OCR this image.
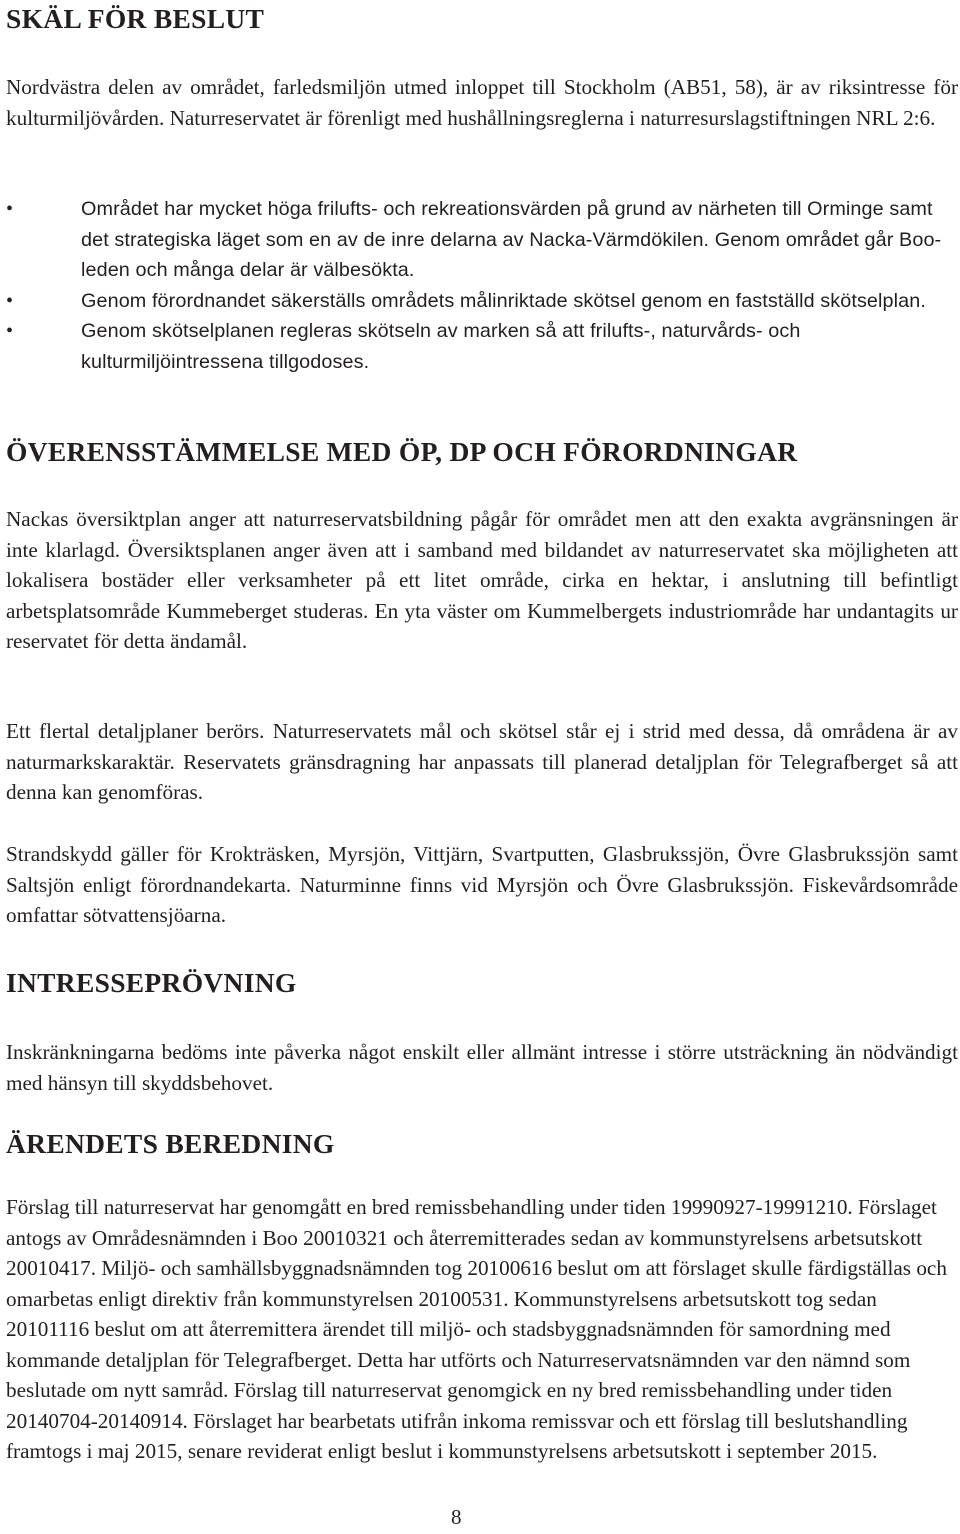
SKÄL FÖR BESLUT

Nordvästra delen av området, farledsmiljön utmed inloppet till Stockholm (AB51, 58), är av riksintresse för kulturmiljövården. Naturreservatet är förenligt med hushållningsreglerna i naturresurslagstiftningen NRL 2:6.

•	Området har mycket höga frilufts- och rekreationsvärden på grund av närheten till Orminge samt det strategiska läget som en av de inre delarna av Nacka-Värmdökilen. Genom området går Boo-leden och många delar är välbesökta.
•	Genom förordnandet säkerställs områdets målinriktade skötsel genom en fastställd skötselplan.
•	Genom skötselplanen regleras skötseln av marken så att frilufts-, naturvårds- och kulturmiljöintressena tillgodoses.
ÖVERENSSTÄMMELSE MED ÖP, DP OCH FÖRORDNINGAR

Nackas översiktplan anger att naturreservatsbildning pågår för området men att den exakta avgränsningen är inte klarlagd. Översiktsplanen anger även att i samband med bildandet av naturreservatet ska möjligheten att lokalisera bostäder eller verksamheter på ett litet område, cirka en hektar, i anslutning till befintligt arbetsplatsområde Kummeberget studeras. En yta väster om Kummelbergets industriområde har undantagits ur reservatet för detta ändamål.

Ett flertal detaljplaner berörs. Naturreservatets mål och skötsel står ej i strid med dessa, då områdena är av naturmarkskaraktär. Reservatets gränsdragning har anpassats till planerad detaljplan för Telegrafberget så att denna kan genomföras.

Strandskydd gäller för Krokträsken, Myrsjön, Vittjärn, Svartputten, Glasbrukssjön, Övre Glasbrukssjön samt Saltsjön enligt förordnandekarta. Naturminne finns vid Myrsjön och Övre Glasbrukssjön. Fiskevårdsområde omfattar sötvattensjöarna.

INTRESSEPRÖVNING

Inskränkningarna bedöms inte påverka något enskilt eller allmänt intresse i större utsträckning än nödvändigt med hänsyn till skyddsbehovet.

ÄRENDETS BEREDNING

Förslag till naturreservat har genomgått en bred remissbehandling under tiden 19990927-19991210. Förslaget antogs av Områdesnämnden i Boo 20010321 och återremitterades sedan av kommunstyrelsens arbetsutskott 20010417. Miljö- och samhällsbyggnadsnämnden tog 20100616 beslut om att förslaget skulle färdigställas och omarbetas enligt direktiv från kommunstyrelsen 20100531. Kommunstyrelsens arbetsutskott tog sedan 20101116 beslut om att återremittera ärendet till miljö- och stadsbyggnadsnämnden för samordning med kommande detaljplan för Telegrafberget. Detta har utförts och Naturreservatsnämnden var den nämnd som beslutade om nytt samråd. Förslag till naturreservat genomgick en ny bred remissbehandling under tiden 20140704-20140914. Förslaget har bearbetats utifrån inkoma remissvar och ett förslag till beslutshandling framtogs i maj 2015, senare reviderat enligt beslut i kommunstyrelsens arbetsutskott i september 2015.

8
